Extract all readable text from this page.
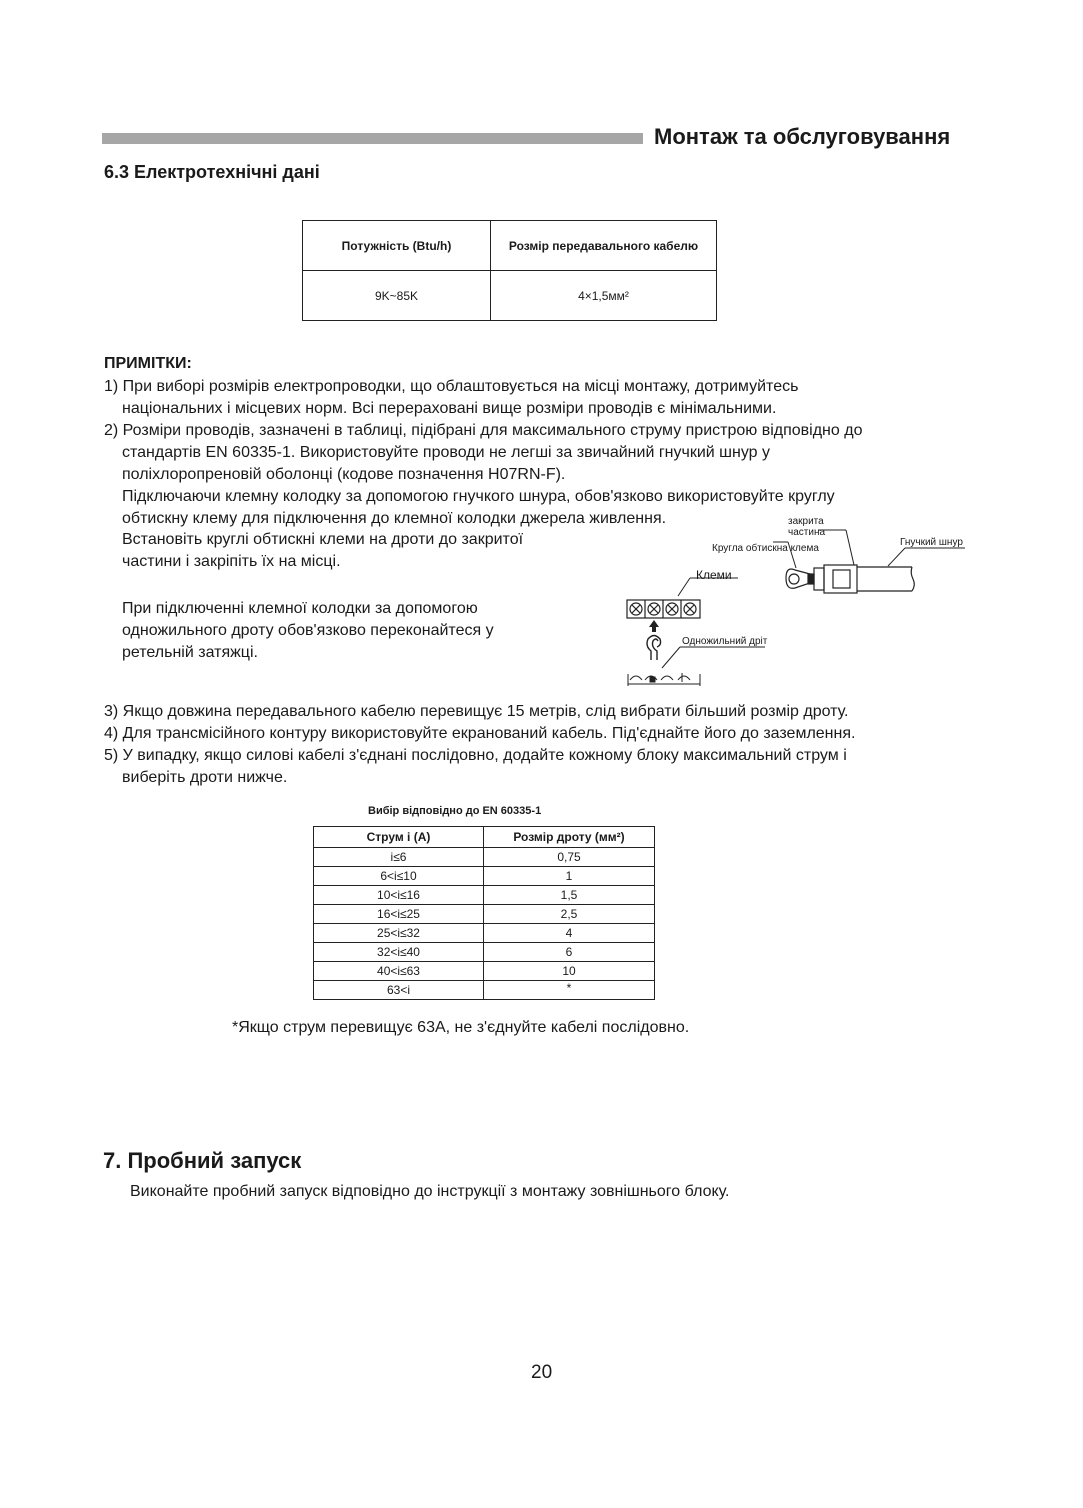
Монтаж та обслуговування
6.3 Електротехнічні дані
Потужність (Btu/h)	Розмір передавального кабелю
9K~85K	4×1,5мм²
ПРИМІТКИ:
1) При виборі розмірів електропроводки, що облаштовується на місці монтажу, дотримуйтесь
національних і місцевих норм. Всі перераховані вище розміри проводів є мінімальними.
2) Розміри проводів, зазначені в таблиці, підібрані для максимального струму пристрою відповідно до
стандартів EN 60335-1. Використовуйте проводи не легші за звичайний гнучкий шнур у
поліхлоропреновій оболонці (кодове позначення H07RN-F).
Підключаючи клемну колодку за допомогою гнучкого шнура, обов'язково використовуйте круглу
обтискну клему для підключення до клемної колодки джерела живлення.
Встановіть круглі обтискні клеми на дроти до закритої
частини і закріпіть їх на місці.
При підключенні клемної колодки за допомогою
одножильного дроту обов'язково переконайтеся у
ретельній затяжці.
3) Якщо довжина передавального кабелю перевищує 15 метрів, слід вибрати більший розмір дроту.
4) Для трансмісійного контуру використовуйте екранований кабель. Під'єднайте його до заземлення.
5) У випадку, якщо силові кабелі з'єднані послідовно, додайте кожному блоку максимальний струм і
виберіть дроти нижче.
закрита
частина
Кругла обтискна клема
Гнучкий шнур
Клеми
Одножильний дріт
Вибір відповідно до EN 60335-1
Струм і (А)	Розмір дроту (мм²)
і≤6	0,75
6<і≤10	1
10<і≤16	1,5
16<і≤25	2,5
25<і≤32	4
32<і≤40	6
40<і≤63	10
63<і	*
*Якщо струм перевищує 63А, не з'єднуйте кабелі послідовно.
7. Пробний запуск
Виконайте пробний запуск відповідно до інструкції з монтажу зовнішнього блоку.
20
